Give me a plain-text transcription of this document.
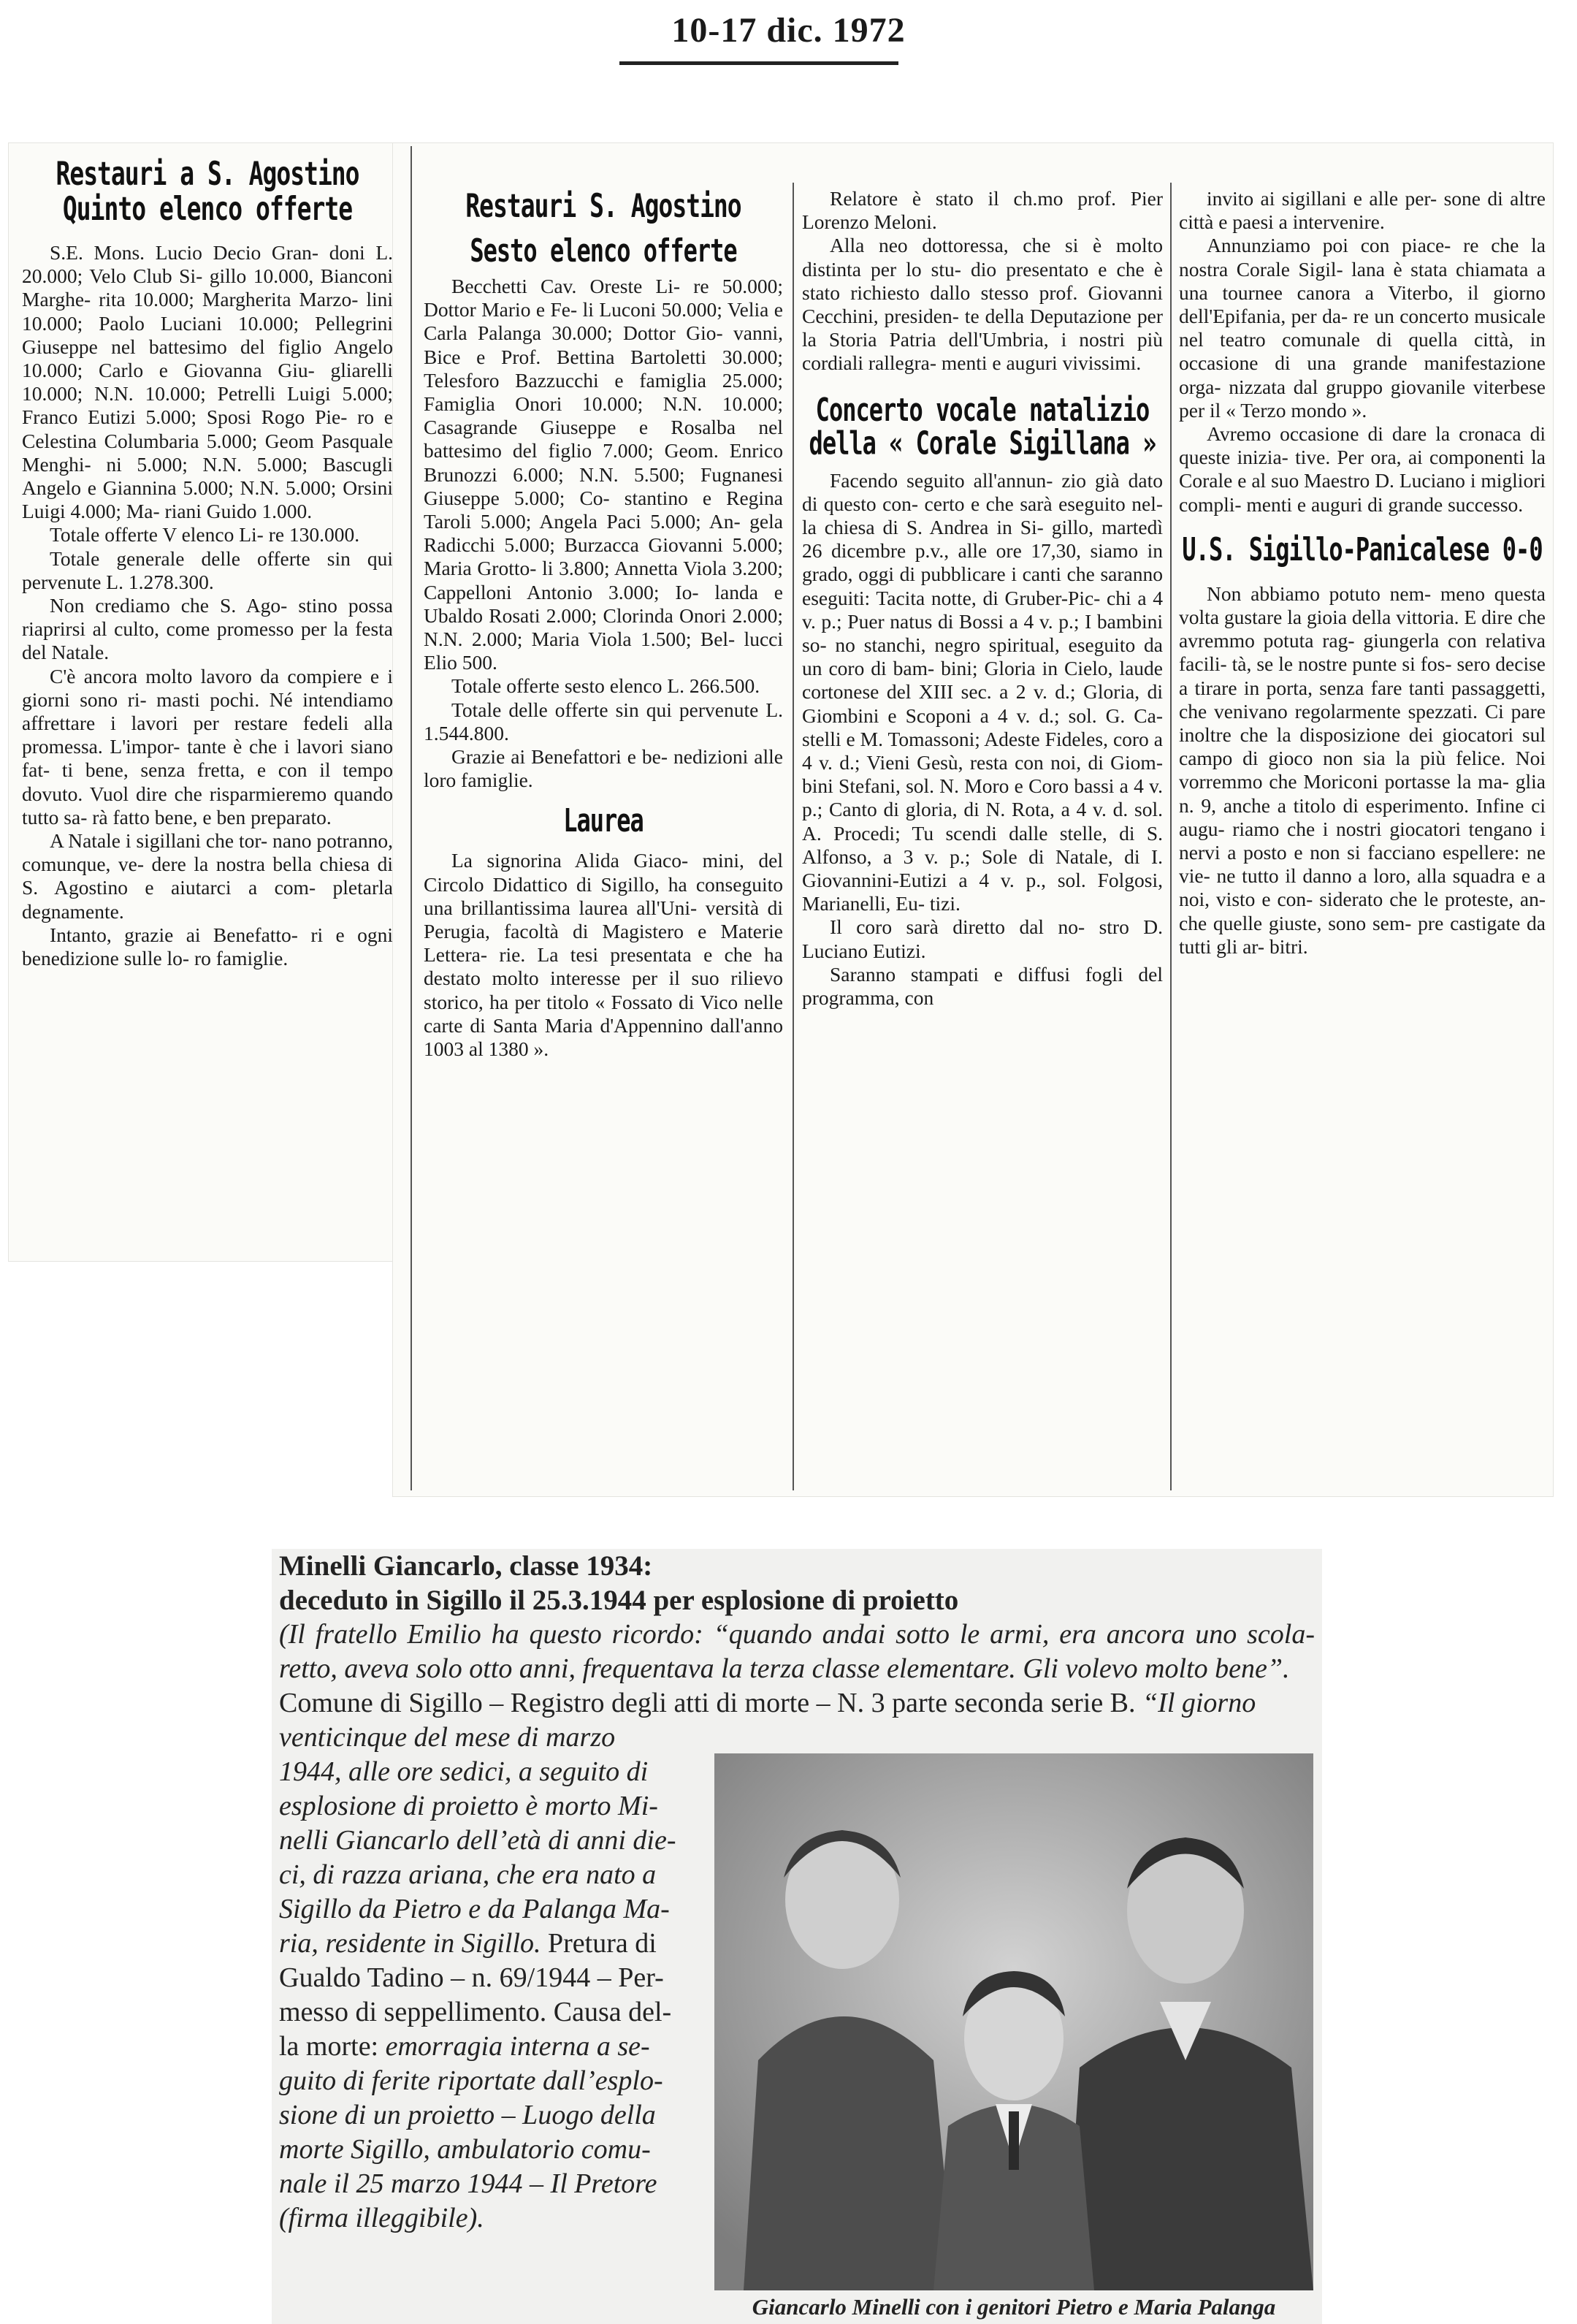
10-17 dic. 1972
Restauri a S. Agostino
Quinto elenco offerte

S.E. Mons. Lucio Decio Gran- doni L. 20.000; Velo Club Si- gillo 10.000, Bianconi Marghe- rita 10.000; Margherita Marzo- lini 10.000; Paolo Luciani 10.000; Pellegrini Giuseppe nel battesimo del figlio Angelo 10.000; Carlo e Giovanna Giu- gliarelli 10.000; N.N. 10.000; Petrelli Luigi 5.000; Franco Eutizi 5.000; Sposi Rogo Pie- ro e Celestina Columbaria 5.000; Geom Pasquale Menghi- ni 5.000; N.N. 5.000; Bascugli Angelo e Giannina 5.000; N.N. 5.000; Orsini Luigi 4.000; Ma- riani Guido 1.000.

Totale offerte V elenco Li- re 130.000.

Totale generale delle offerte sin qui pervenute L. 1.278.300.

Non crediamo che S. Ago- stino possa riaprirsi al culto, come promesso per la festa del Natale.

C'è ancora molto lavoro da compiere e i giorni sono ri- masti pochi. Né intendiamo affrettare i lavori per restare fedeli alla promessa. L'impor- tante è che i lavori siano fat- ti bene, senza fretta, e con il tempo dovuto. Vuol dire che risparmieremo quando tutto sa- rà fatto bene, e ben preparato.

A Natale i sigillani che tor- nano potranno, comunque, ve- dere la nostra bella chiesa di S. Agostino e aiutarci a com- pletarla degnamente.

Intanto, grazie ai Benefatto- ri e ogni benedizione sulle lo- ro famiglie.

Restauri S. Agostino
Sesto elenco offerte

Becchetti Cav. Oreste Li- re 50.000; Dottor Mario e Fe- li Luconi 50.000; Velia e Carla Palanga 30.000; Dottor Gio- vanni, Bice e Prof. Bettina Bartoletti 30.000; Telesforo Bazzucchi e famiglia 25.000; Famiglia Onori 10.000; N.N. 10.000; Casagrande Giuseppe e Rosalba nel battesimo del figlio 7.000; Geom. Enrico Brunozzi 6.000; N.N. 5.500; Fugnanesi Giuseppe 5.000; Co- stantino e Regina Taroli 5.000; Angela Paci 5.000; An- gela Radicchi 5.000; Burzacca Giovanni 5.000; Maria Grotto- li 3.800; Annetta Viola 3.200; Cappelloni Antonio 3.000; Io- landa e Ubaldo Rosati 2.000; Clorinda Onori 2.000; N.N. 2.000; Maria Viola 1.500; Bel- lucci Elio 500.

Totale offerte sesto elenco L. 266.500.

Totale delle offerte sin qui pervenute L. 1.544.800.

Grazie ai Benefattori e be- nedizioni alle loro famiglie.

Laurea

La signorina Alida Giaco- mini, del Circolo Didattico di Sigillo, ha conseguito una brillantissima laurea all'Uni- versità di Perugia, facoltà di Magistero e Materie Lettera- rie. La tesi presentata e che ha destato molto interesse per il suo rilievo storico, ha per titolo « Fossato di Vico nelle carte di Santa Maria d'Appennino dall'anno 1003 al 1380 ».

Relatore è stato il ch.mo prof. Pier Lorenzo Meloni.

Alla neo dottoressa, che si è molto distinta per lo stu- dio presentato e che è stato richiesto dallo stesso prof. Giovanni Cecchini, presiden- te della Deputazione per la Storia Patria dell'Umbria, i nostri più cordiali rallegra- menti e auguri vivissimi.

Concerto vocale natalizio della « Corale Sigillana »

Facendo seguito all'annun- zio già dato di questo con- certo e che sarà eseguito nel- la chiesa di S. Andrea in Si- gillo, martedì 26 dicembre p.v., alle ore 17,30, siamo in grado, oggi di pubblicare i canti che saranno eseguiti: Tacita notte, di Gruber-Pic- chi a 4 v. p.; Puer natus di Bossi a 4 v. p.; I bambini so- no stanchi, negro spiritual, eseguito da un coro di bam- bini; Gloria in Cielo, laude cortonese del XIII sec. a 2 v. d.; Gloria, di Giombini e Scoponi a 4 v. d.; sol. G. Ca- stelli e M. Tomassoni; Adeste Fideles, coro a 4 v. d.; Vieni Gesù, resta con noi, di Giom- bini Stefani, sol. N. Moro e Coro bassi a 4 v. p.; Canto di gloria, di N. Rota, a 4 v. d. sol. A. Procedi; Tu scendi dalle stelle, di S. Alfonso, a 3 v. p.; Sole di Natale, di I. Giovannini-Eutizi a 4 v. p., sol. Folgosi, Marianelli, Eu- tizi.

Il coro sarà diretto dal no- stro D. Luciano Eutizi.

Saranno stampati e diffusi fogli del programma, con

invito ai sigillani e alle per- sone di altre città e paesi a intervenire.

Annunziamo poi con piace- re che la nostra Corale Sigil- lana è stata chiamata a una tournee canora a Viterbo, il giorno dell'Epifania, per da- re un concerto musicale nel teatro comunale di quella città, in occasione di una grande manifestazione orga- nizzata dal gruppo giovanile viterbese per il « Terzo mondo ».

Avremo occasione di dare la cronaca di queste inizia- tive. Per ora, ai componenti la Corale e al suo Maestro D. Luciano i migliori compli- menti e auguri di grande successo.

U.S. Sigillo-Panicalese 0-0

Non abbiamo potuto nem- meno questa volta gustare la gioia della vittoria. E dire che avremmo potuta rag- giungerla con relativa facili- tà, se le nostre punte si fos- sero decise a tirare in porta, senza fare tanti passaggetti, che venivano regolarmente spezzati. Ci pare inoltre che la disposizione dei giocatori sul campo di gioco non sia la più felice. Noi vorremmo che Moriconi portasse la ma- glia n. 9, anche a titolo di esperimento. Infine ci augu- riamo che i nostri giocatori tengano i nervi a posto e non si facciano espellere: ne vie- ne tutto il danno a loro, alla squadra e a noi, visto e con- siderato che le proteste, an- che quelle giuste, sono sem- pre castigate da tutti gli ar- bitri.

Minelli Giancarlo, classe 1934:
deceduto in Sigillo il 25.3.1944 per esplosione di proietto

(Il fratello Emilio ha questo ricordo: “quando andai sotto le armi, era ancora uno scola- retto, aveva solo otto anni, frequentava la terza classe elementare. Gli volevo molto bene”.

Comune di Sigillo – Registro degli atti di morte – N. 3 parte seconda serie B. “Il giorno

venticinque del mese di marzo
1944, alle ore sedici, a seguito di
esplosione di proietto è morto Mi-
nelli Giancarlo dell’età di anni die-
ci, di razza ariana, che era nato a
Sigillo da Pietro e da Palanga Ma-
ria, residente in Sigillo. Pretura di
Gualdo Tadino – n. 69/1944 – Per-
messo di seppellimento. Causa del-
la morte: emorragia interna a se-
guito di ferite riportate dall’esplo-
sione di un proietto – Luogo della
morte Sigillo, ambulatorio comu-
nale il 25 marzo 1944 – Il Pretore
(firma illeggibile).
Giancarlo Minelli con i genitori Pietro e Maria Palanga
